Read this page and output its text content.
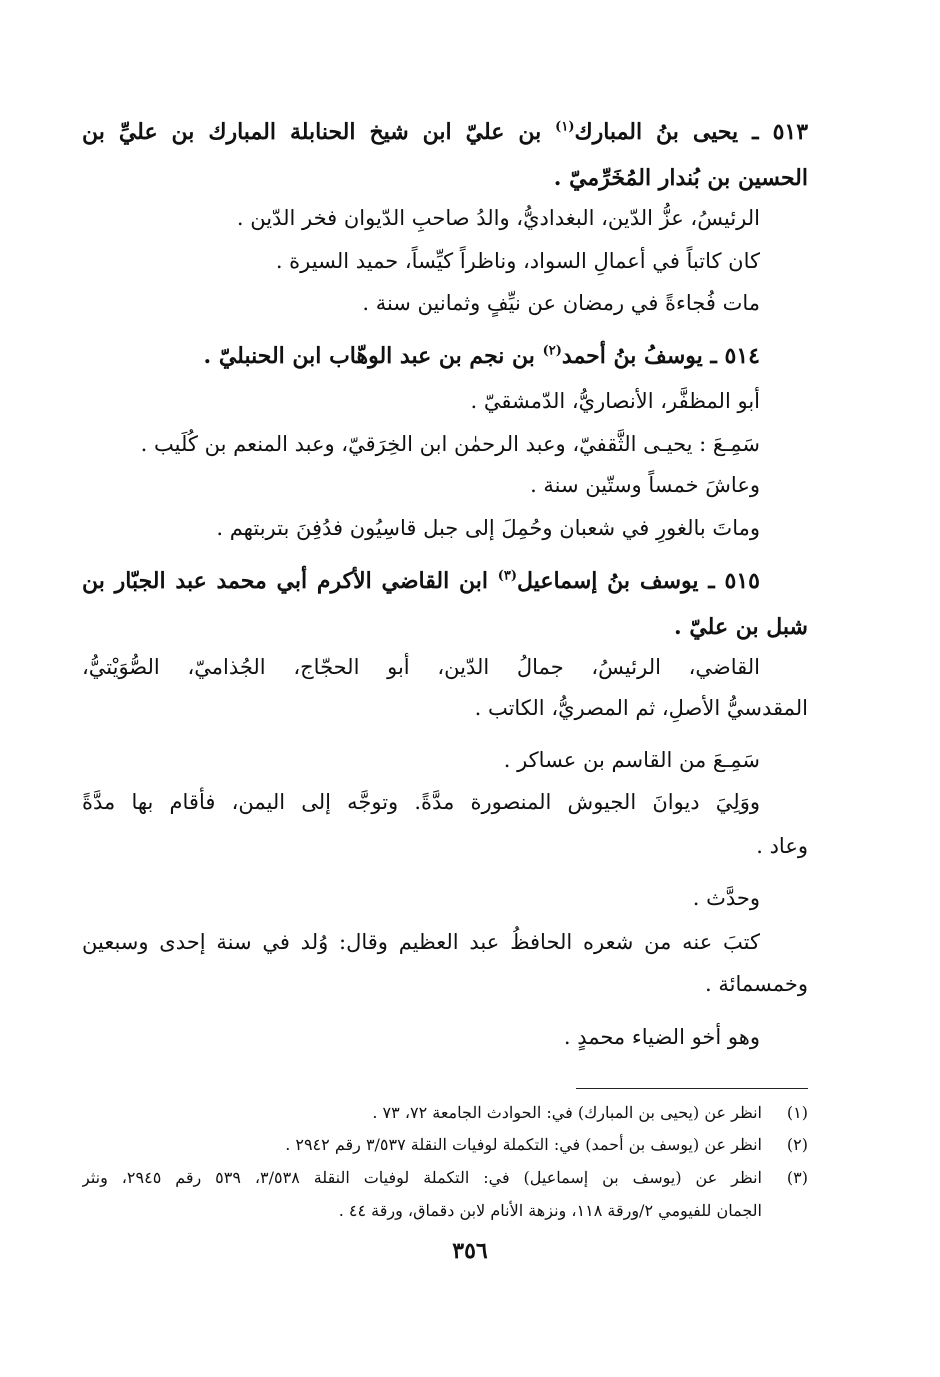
٥١٣ ـ يحيى بنُ المبارك$^{(١)}$ بن عليّ ابن شيخ الحنابلة المبارك بن عليِّ بن
الحسين بن بُندار المُخَرِّميّ .
الرئيسُ، عزُّ الدّين، البغداديُّ، والدُ صاحبِ الدّيوان فخر الدّين .
كان كاتباً في أعمالِ السواد، وناظراً كيِّساً، حميد السيرة .
مات فُجاءةً في رمضان عن نيِّفٍ وثمانين سنة .
٥١٤ ـ يوسفُ بنُ أحمد$^{(٢)}$ بن نجم بن عبد الوهّاب ابن الحنبليّ .
أبو المظفَّر، الأنصاريُّ، الدّمشقيّ .
سَمِـعَ : يحيـى الثَّقفيّ، وعبد الرحمٰن ابن الخِرَقيّ، وعبد المنعم بن كُلَيب .
وعاشَ خمساً وستّين سنة .
وماتَ بالغورِ في شعبان وحُمِلَ إلى جبل قاسِيُون فدُفِنَ بتربتهم .
٥١٥ ـ يوسف بنُ إسماعيل$^{(٣)}$ ابن القاضي الأكرم أبي محمد عبد الجبّار بن
شبل بن عليّ .
القاضي، الرئيسُ، جمالُ الدّين، أبو الحجّاج، الجُذاميّ، الصُّوَيْتيُّ،
المقدسيُّ الأصلِ، ثم المصريُّ، الكاتب .
سَمِـعَ من القاسم بن عساكر .
ووَلِيَ ديوانَ الجيوش المنصورة مدَّةً. وتوجَّه إلى اليمن، فأقام بها مدَّةً
وعاد .
وحدَّث .
كتبَ عنه من شعره الحافظُ عبد العظيم وقال: وُلد في سنة إحدى وسبعين
وخمسمائة .
وهو أخو الضياء محمدٍ .
(١)انظر عن (يحيى بن المبارك) في: الحوادث الجامعة ٧٢، ٧٣ .
(٢)انظر عن (يوسف بن أحمد) في: التكملة لوفيات النقلة ٣/٥٣٧ رقم ٢٩٤٢ .
(٣)انظر عن (يوسف بن إسماعيل) في: التكملة لوفيات النقلة ٣/٥٣٨، ٥٣٩ رقم ٢٩٤٥، ونثر
الجمان للفيومي ٢/ورقة ١١٨، ونزهة الأنام لابن دقماق، ورقة ٤٤ .
٣٥٦
